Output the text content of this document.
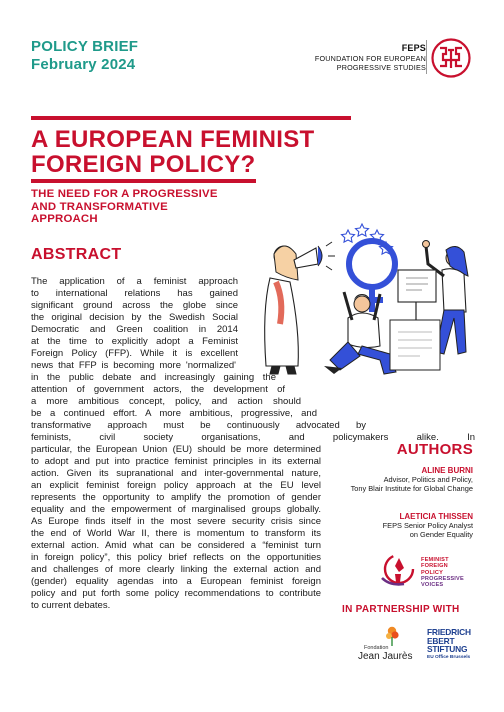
POLICY BRIEF
February 2024
FEPS
FOUNDATION FOR EUROPEAN
PROGRESSIVE STUDIES
A EUROPEAN FEMINIST
FOREIGN POLICY?
THE NEED FOR A PROGRESSIVE
AND TRANSFORMATIVE
APPROACH
ABSTRACT
The application of a feminist approach
to international relations has gained
significant ground across the globe since
the original decision by the Swedish Social
Democratic and Green coalition in 2014
at the time to explicitly adopt a Feminist
Foreign Policy (FFP). While it is excellent
news that FFP is becoming more 'normalized'
in the public debate and increasingly gaining the
attention of government actors, the development of
a more ambitious concept, policy, and action should
be a continued effort. A more ambitious, progressive, and
transformative approach must be continuously advocated by
feminists, civil society organisations, and policymakers alike. In
particular, the European Union (EU) should be more determined
to adopt and put into practice feminist principles in its external
action. Given its supranational and inter-governmental nature,
an explicit feminist foreign policy approach at the EU level
represents the opportunity to amplify the promotion of gender
equality and the empowerment of marginalised groups globally.
As Europe finds itself in the most severe security crisis since
the end of World War II, there is momentum to transform its
external action. Amid what can be considered a “feminist turn
in foreign policy”, this policy brief reflects on the opportunities
and challenges of more clearly linking the external action and
(gender) equality agendas into a European feminist foreign
policy and put forth some policy recommendations to contribute
to current debates.
AUTHORS
ALINE BURNI
Advisor, Politics and Policy,
Tony Blair Institute for Global Change
LAETICIA THISSEN
FEPS Senior Policy Analyst
on Gender Equality
FEMINIST
FOREIGN
POLICY
PROGRESSIVE
VOICES
IN PARTNERSHIP WITH
Fondation
Jean Jaurès
FRIEDRICH
EBERT
STIFTUNG
EU Office Brussels
